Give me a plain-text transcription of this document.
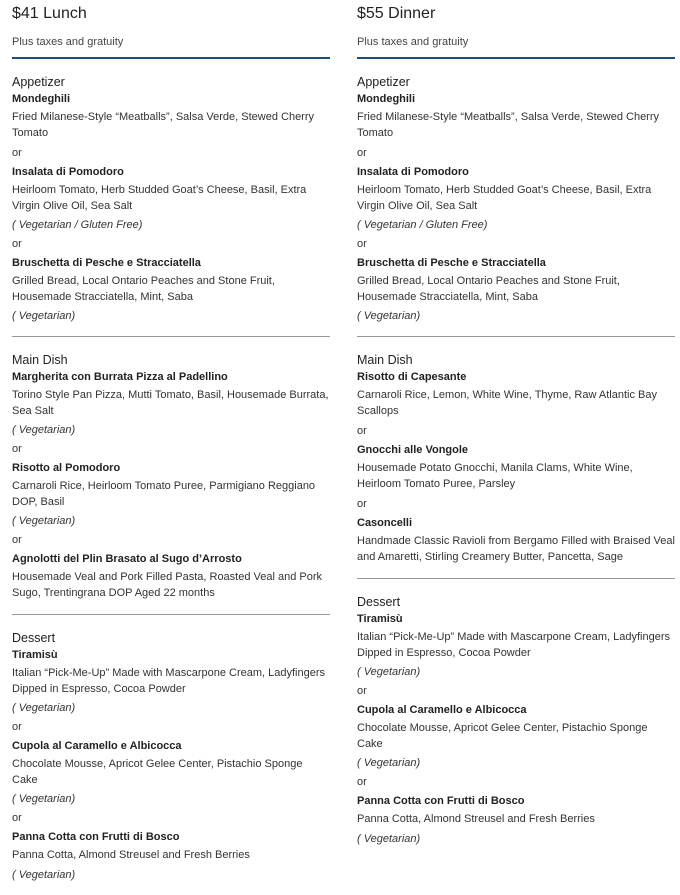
$41 Lunch
Plus taxes and gratuity
Appetizer
Mondeghili
Fried Milanese-Style “Meatballs”, Salsa Verde, Stewed Cherry Tomato
or
Insalata di Pomodoro
Heirloom Tomato, Herb Studded Goat’s Cheese, Basil, Extra Virgin Olive Oil, Sea Salt
( Vegetarian / Gluten Free)
or
Bruschetta di Pesche e Stracciatella
Grilled Bread, Local Ontario Peaches and Stone Fruit, Housemade Stracciatella, Mint, Saba
( Vegetarian)
Main Dish
Margherita con Burrata Pizza al Padellino
Torino Style Pan Pizza, Mutti Tomato, Basil, Housemade Burrata, Sea Salt
( Vegetarian)
or
Risotto al Pomodoro
Carnaroli Rice, Heirloom Tomato Puree, Parmigiano Reggiano DOP, Basil
( Vegetarian)
or
Agnolotti del Plin Brasato al Sugo d’Arrosto
Housemade Veal and Pork Filled Pasta, Roasted Veal and Pork Sugo, Trentingrana DOP Aged 22 months
Dessert
Tiramisù
Italian “Pick-Me-Up” Made with Mascarpone Cream, Ladyfingers Dipped in Espresso, Cocoa Powder
( Vegetarian)
or
Cupola al Caramello e Albicocca
Chocolate Mousse, Apricot Gelee Center, Pistachio Sponge Cake
( Vegetarian)
or
Panna Cotta con Frutti di Bosco
Panna Cotta, Almond Streusel and Fresh Berries
( Vegetarian)
$55 Dinner
Plus taxes and gratuity
Appetizer
Mondeghili
Fried Milanese-Style “Meatballs”, Salsa Verde, Stewed Cherry Tomato
or
Insalata di Pomodoro
Heirloom Tomato, Herb Studded Goat’s Cheese, Basil, Extra Virgin Olive Oil, Sea Salt
( Vegetarian / Gluten Free)
or
Bruschetta di Pesche e Stracciatella
Grilled Bread, Local Ontario Peaches and Stone Fruit, Housemade Stracciatella, Mint, Saba
( Vegetarian)
Main Dish
Risotto di Capesante
Carnaroli Rice, Lemon, White Wine, Thyme, Raw Atlantic Bay Scallops
or
Gnocchi alle Vongole
Housemade Potato Gnocchi, Manila Clams, White Wine, Heirloom Tomato Puree, Parsley
or
Casoncelli
Handmade Classic Ravioli from Bergamo Filled with Braised Veal and Amaretti, Stirling Creamery Butter, Pancetta, Sage
Dessert
Tiramisù
Italian “Pick-Me-Up” Made with Mascarpone Cream, Ladyfingers Dipped in Espresso, Cocoa Powder
( Vegetarian)
or
Cupola al Caramello e Albicocca
Chocolate Mousse, Apricot Gelee Center, Pistachio Sponge Cake
( Vegetarian)
or
Panna Cotta con Frutti di Bosco
Panna Cotta, Almond Streusel and Fresh Berries
( Vegetarian)
